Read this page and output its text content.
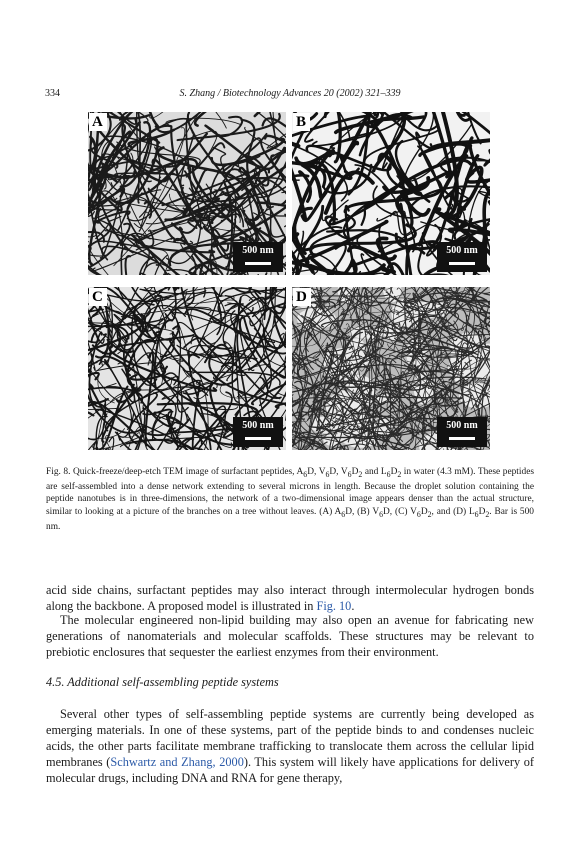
334	S. Zhang / Biotechnology Advances 20 (2002) 321–339
A
500 nm
B
500 nm
C
500 nm
D
500 nm

Fig. 8. Quick-freeze/deep-etch TEM image of surfactant peptides, $A_6D$, $V_6D$, $V_6D_2$ and $L_6D_2$ in water (4.3 mM). These peptides are self-assembled into a dense network extending to several microns in length. Because the droplet solution containing the peptide nanotubes is in three-dimensions, the network of a two-dimensional image appears denser than the actual structure, similar to looking at a picture of the branches on a tree without leaves. (A) $A_6D$, (B) $V_6D$, (C) $V_6D_2$, and (D) $L_6D_2$. Bar is 500 nm.

acid side chains, surfactant peptides may also interact through intermolecular hydrogen bonds along the backbone. A proposed model is illustrated in Fig. 10.

The molecular engineered non-lipid building may also open an avenue for fabricating new generations of nanomaterials and molecular scaffolds. These structures may be relevant to prebiotic enclosures that sequester the earliest enzymes from their environment.

4.5. Additional self-assembling peptide systems

Several other types of self-assembling peptide systems are currently being developed as emerging materials. In one of these systems, part of the peptide binds to and condenses nucleic acids, the other parts facilitate membrane trafficking to translocate them across the cellular lipid membranes (Schwartz and Zhang, 2000). This system will likely have applications for delivery of molecular drugs, including DNA and RNA for gene therapy,
